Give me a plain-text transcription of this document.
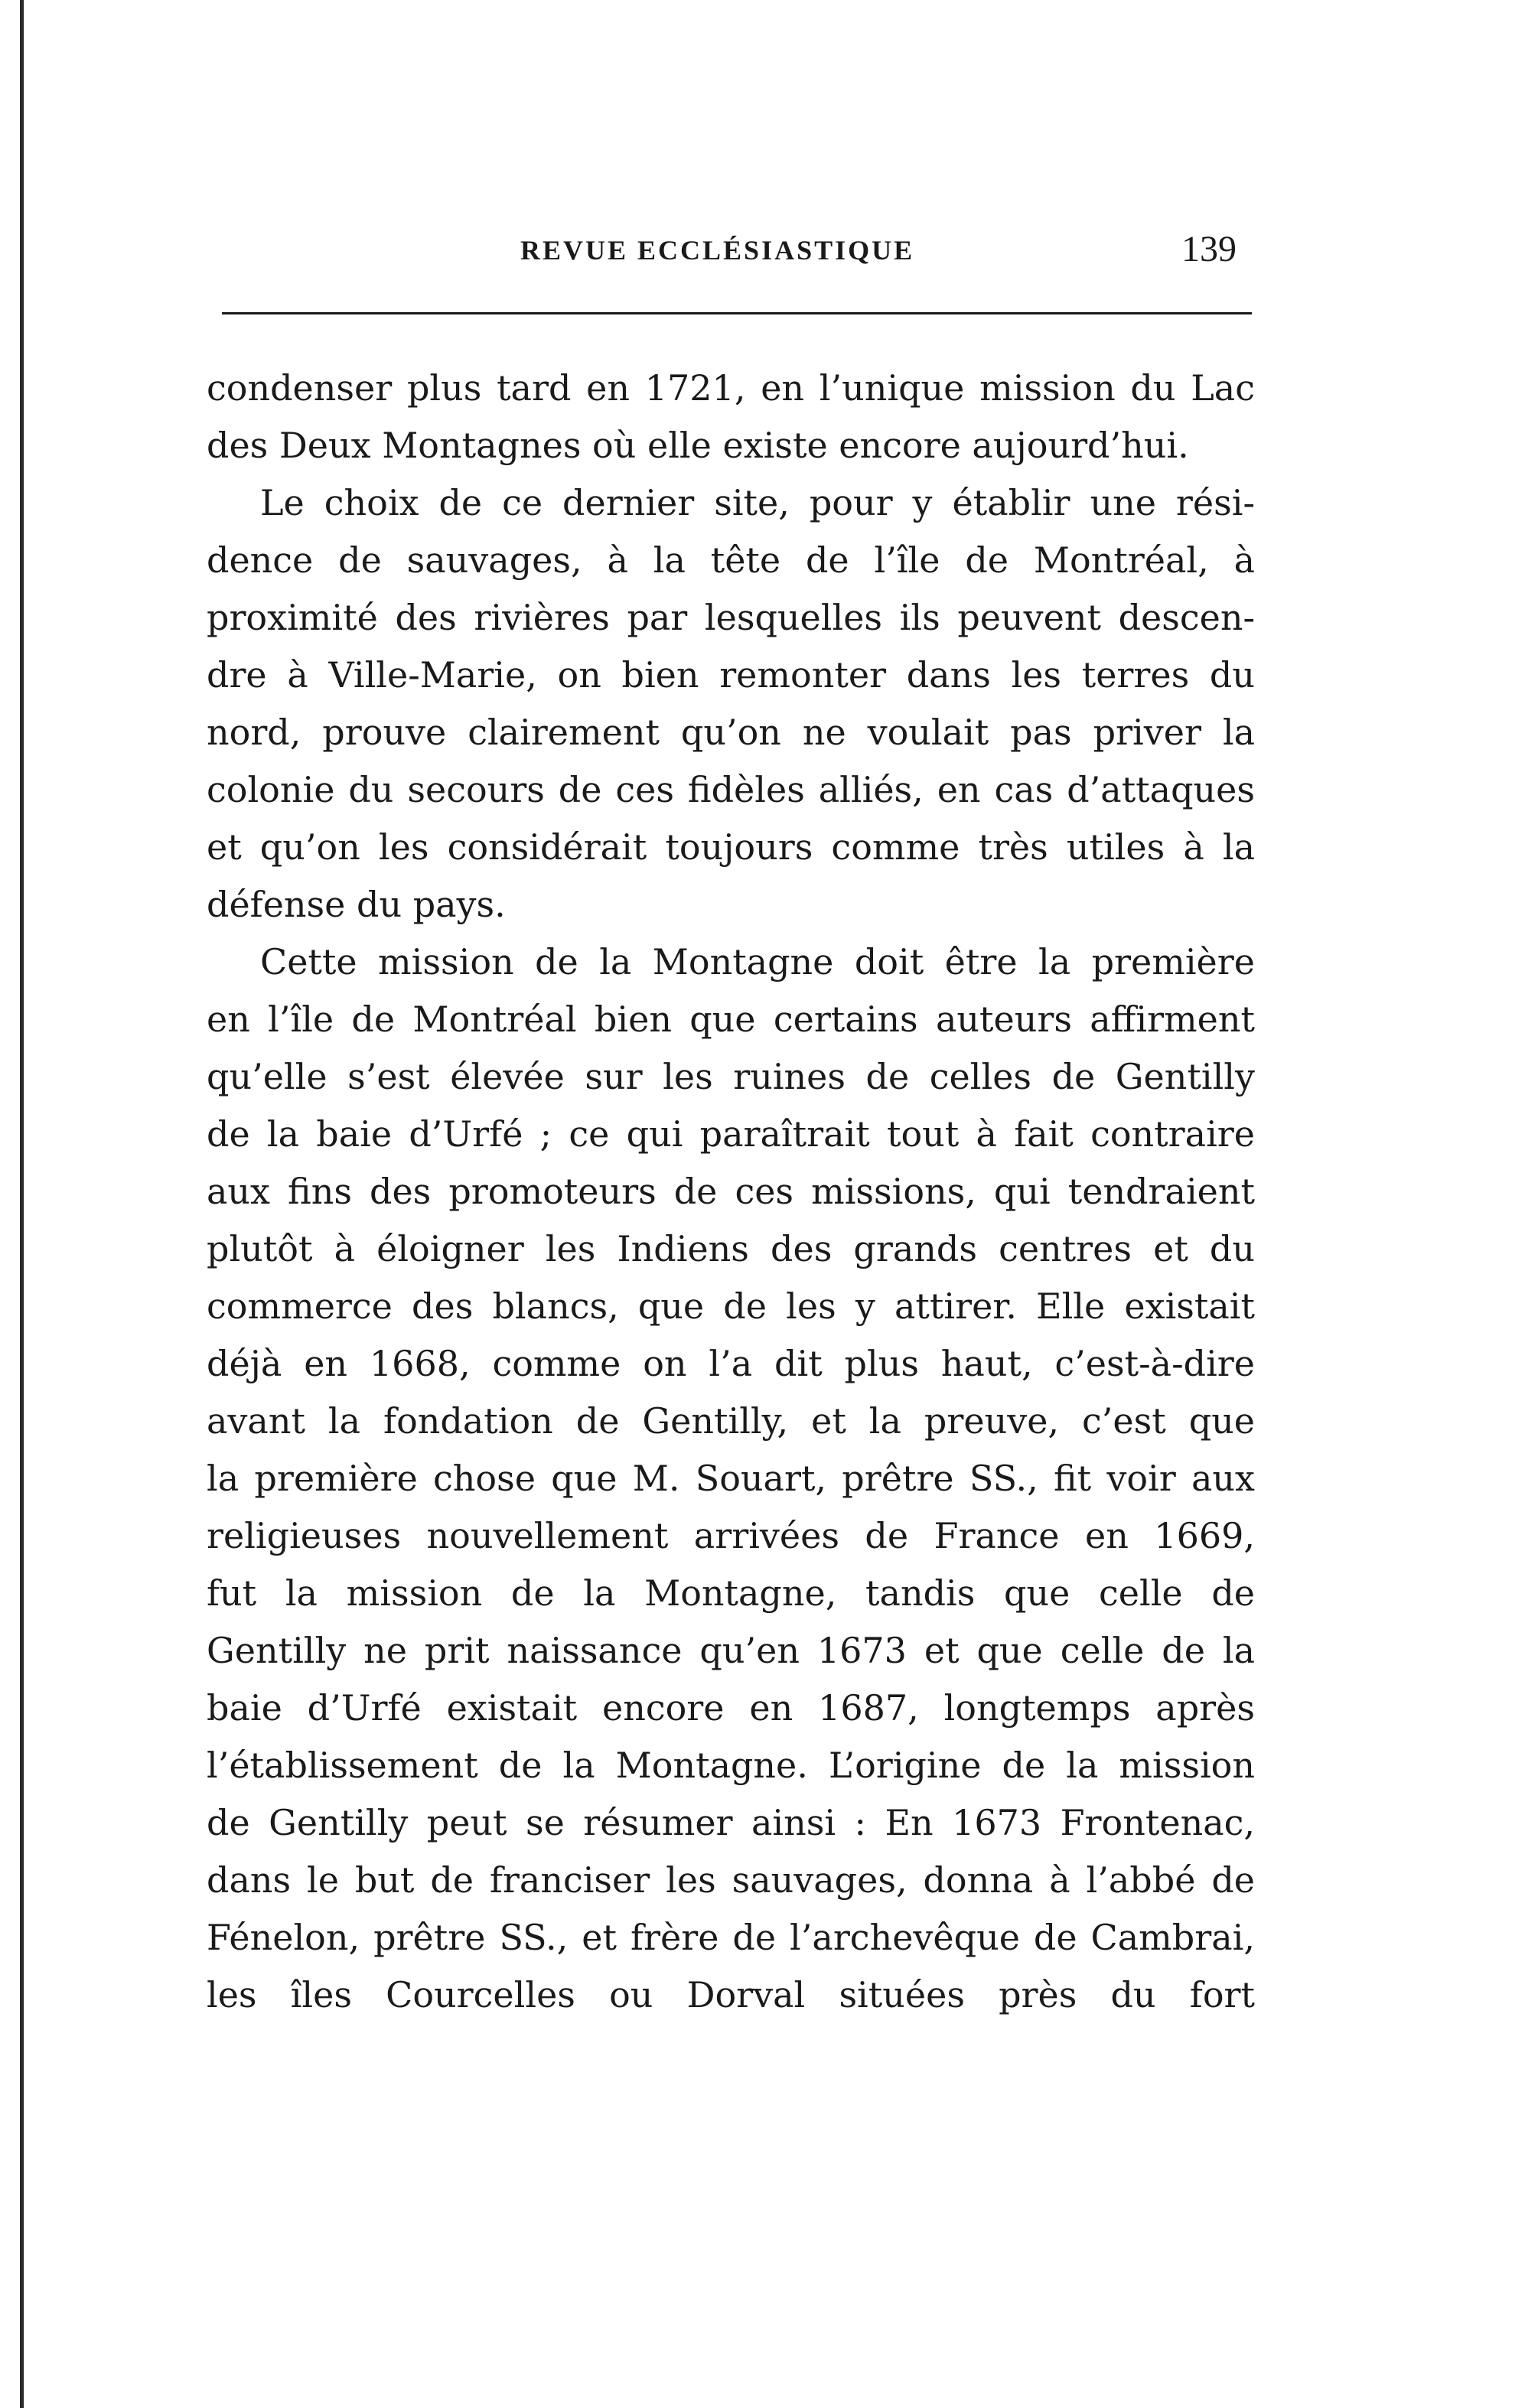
REVUE ECCLÉSIASTIQUE	139
condenser plus tard en 1721, en l’unique mission du Lac
des Deux Montagnes où elle existe encore aujourd’hui.
Le choix de ce dernier site, pour y établir une rési-
dence de sauvages, à la tête de l’île de Montréal, à
proximité des rivières par lesquelles ils peuvent descen-
dre à Ville-Marie, on bien remonter dans les terres du
nord, prouve clairement qu’on ne voulait pas priver la
colonie du secours de ces fidèles alliés, en cas d’attaques
et qu’on les considérait toujours comme très utiles à la
défense du pays.
Cette mission de la Montagne doit être la première
en l’île de Montréal bien que certains auteurs affirment
qu’elle s’est élevée sur les ruines de celles de Gentilly
de la baie d’Urfé ; ce qui paraîtrait tout à fait contraire
aux fins des promoteurs de ces missions, qui tendraient
plutôt à éloigner les Indiens des grands centres et du
commerce des blancs, que de les y attirer. Elle existait
déjà en 1668, comme on l’a dit plus haut, c’est-à-dire
avant la fondation de Gentilly, et la preuve, c’est que
la première chose que M. Souart, prêtre SS., fit voir aux
religieuses nouvellement arrivées de France en 1669,
fut la mission de la Montagne, tandis que celle de
Gentilly ne prit naissance qu’en 1673 et que celle de la
baie d’Urfé existait encore en 1687, longtemps après
l’établissement de la Montagne. L’origine de la mission
de Gentilly peut se résumer ainsi : En 1673 Frontenac,
dans le but de franciser les sauvages, donna à l’abbé de
Fénelon, prêtre SS., et frère de l’archevêque de Cambrai,
les îles Courcelles ou Dorval situées près du fort
